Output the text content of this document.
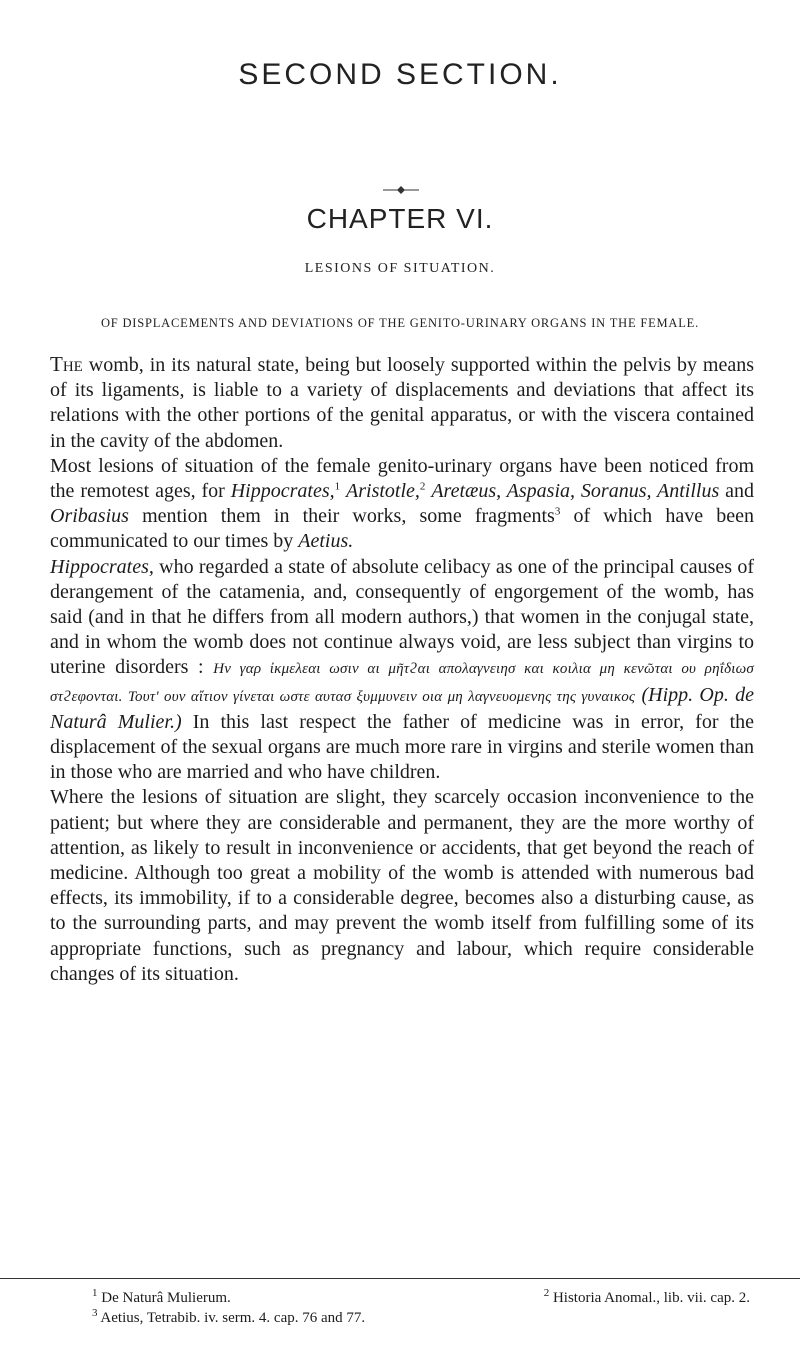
SECOND SECTION.
CHAPTER VI.
LESIONS OF SITUATION.
OF DISPLACEMENTS AND DEVIATIONS OF THE GENITO-URINARY ORGANS IN THE FEMALE.

The womb, in its natural state, being but loosely supported within the pelvis by means of its ligaments, is liable to a variety of displacements and deviations that affect its relations with the other portions of the genital apparatus, or with the viscera contained in the cavity of the abdomen.

Most lesions of situation of the female genito-urinary organs have been noticed from the remotest ages, for Hippocrates,$^1$ Aristotle,$^2$ Aretæus, Aspasia, Soranus, Antillus and Oribasius mention them in their works, some fragments$^3$ of which have been communicated to our times by Aetius.

Hippocrates, who regarded a state of absolute celibacy as one of the principal causes of derangement of the catamenia, and, consequently of engorgement of the womb, has said (and in that he differs from all modern authors,) that women in the conjugal state, and in whom the womb does not continue always void, are less subject than virgins to uterine disorders : Hν γαρ ἰκμελεαι ωσιν αι μῆτϩαι απολαγνειησ και κοιλια μη κενῶται ου ρηΐδιωσ στϩεφονται. Τουτ' ουν αἴτιον γίνεται ωστε αυτασ ξυμμυνειν οια μη λαγνευομενης της γυναικος (Hipp. Op. de Naturâ Mulier.) In this last respect the father of medicine was in error, for the displacement of the sexual organs are much more rare in virgins and sterile women than in those who are married and who have children.

Where the lesions of situation are slight, they scarcely occasion inconvenience to the patient; but where they are considerable and permanent, they are the more worthy of attention, as likely to result in inconvenience or accidents, that get beyond the reach of medicine. Although too great a mobility of the womb is attended with numerous bad effects, its immobility, if to a considerable degree, becomes also a disturbing cause, as to the surrounding parts, and may prevent the womb itself from fulfilling some of its appropriate functions, such as pregnancy and labour, which require considerable changes of its situation.

$^1$ De Naturâ Mulierum.	$^2$ Historia Anomal., lib. vii. cap. 2.
$^3$ Aetius, Tetrabib. iv. serm. 4. cap. 76 and 77.
